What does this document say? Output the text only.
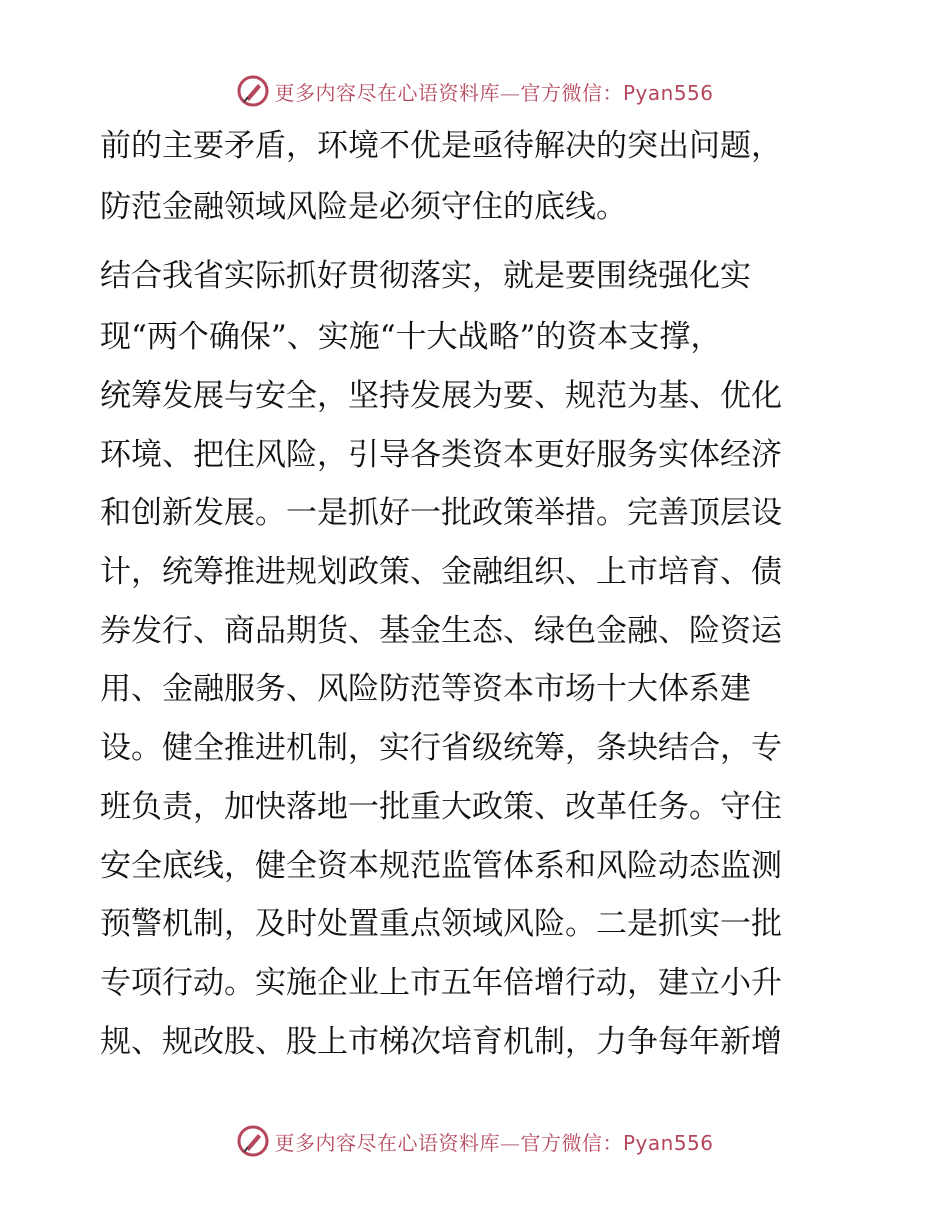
更多内容尽在心语资料库—官方微信：Pyan556
前的主要矛盾，环境不优是亟待解决的突出问题，
防范金融领域风险是必须守住的底线。
结合我省实际抓好贯彻落实，就是要围绕强化实
现“两个确保”、实施“十大战略”的资本支撑，
统筹发展与安全，坚持发展为要、规范为基、优化
环境、把住风险，引导各类资本更好服务实体经济
和创新发展。一是抓好一批政策举措。完善顶层设
计，统筹推进规划政策、金融组织、上市培育、债
券发行、商品期货、基金生态、绿色金融、险资运
用、金融服务、风险防范等资本市场十大体系建
设。健全推进机制，实行省级统筹，条块结合，专
班负责，加快落地一批重大政策、改革任务。守住
安全底线，健全资本规范监管体系和风险动态监测
预警机制，及时处置重点领域风险。二是抓实一批
专项行动。实施企业上市五年倍增行动，建立小升
规、规改股、股上市梯次培育机制，力争每年新增
更多内容尽在心语资料库—官方微信：Pyan556
